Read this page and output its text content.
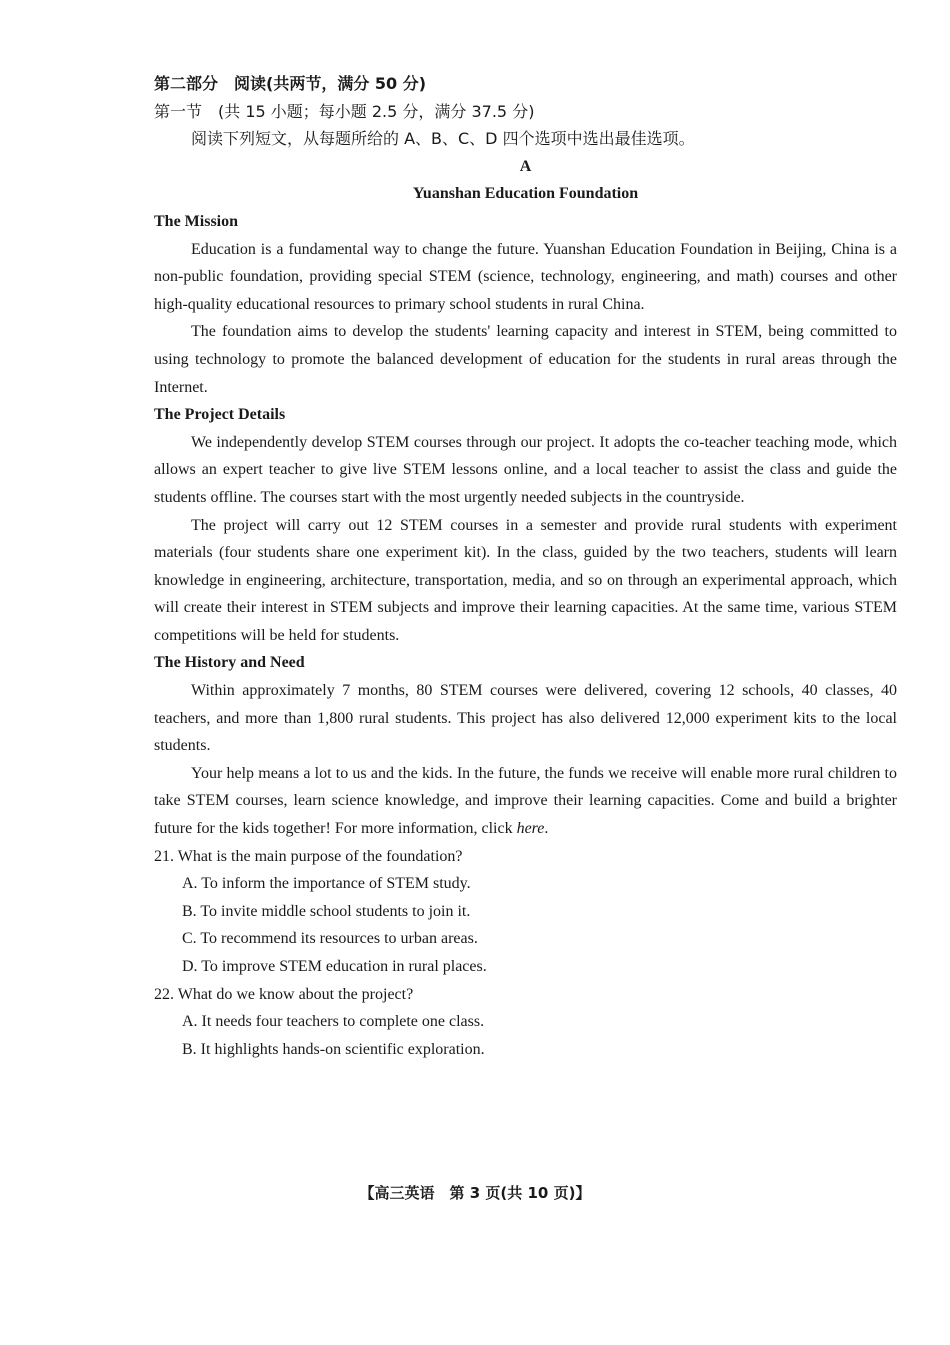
第二部分　阅读(共两节，满分 50 分)
第一节　(共 15 小题；每小题 2.5 分，满分 37.5 分)
阅读下列短文，从每题所给的 A、B、C、D 四个选项中选出最佳选项。
A
Yuanshan Education Foundation
The Mission

Education is a fundamental way to change the future. Yuanshan Education Foundation in Beijing, China is a non-public foundation, providing special STEM (science, technology, engineering, and math) courses and other high-quality educational resources to primary school students in rural China.

The foundation aims to develop the students' learning capacity and interest in STEM, being committed to using technology to promote the balanced development of education for the students in rural areas through the Internet.

The Project Details

We independently develop STEM courses through our project. It adopts the co-teacher teaching mode, which allows an expert teacher to give live STEM lessons online, and a local teacher to assist the class and guide the students offline. The courses start with the most urgently needed subjects in the countryside.

The project will carry out 12 STEM courses in a semester and provide rural students with experiment materials (four students share one experiment kit). In the class, guided by the two teachers, students will learn knowledge in engineering, architecture, transportation, media, and so on through an experimental approach, which will create their interest in STEM subjects and improve their learning capacities. At the same time, various STEM competitions will be held for students.

The History and Need

Within approximately 7 months, 80 STEM courses were delivered, covering 12 schools, 40 classes, 40 teachers, and more than 1,800 rural students. This project has also delivered 12,000 experiment kits to the local students.

Your help means a lot to us and the kids. In the future, the funds we receive will enable more rural children to take STEM courses, learn science knowledge, and improve their learning capacities. Come and build a brighter future for the kids together! For more information, click here.

21. What is the main purpose of the foundation?
A. To inform the importance of STEM study.
B. To invite middle school students to join it.
C. To recommend its resources to urban areas.
D. To improve STEM education in rural places.
22. What do we know about the project?
A. It needs four teachers to complete one class.
B. It highlights hands-on scientific exploration.
【高三英语　第 3 页(共 10 页)】
